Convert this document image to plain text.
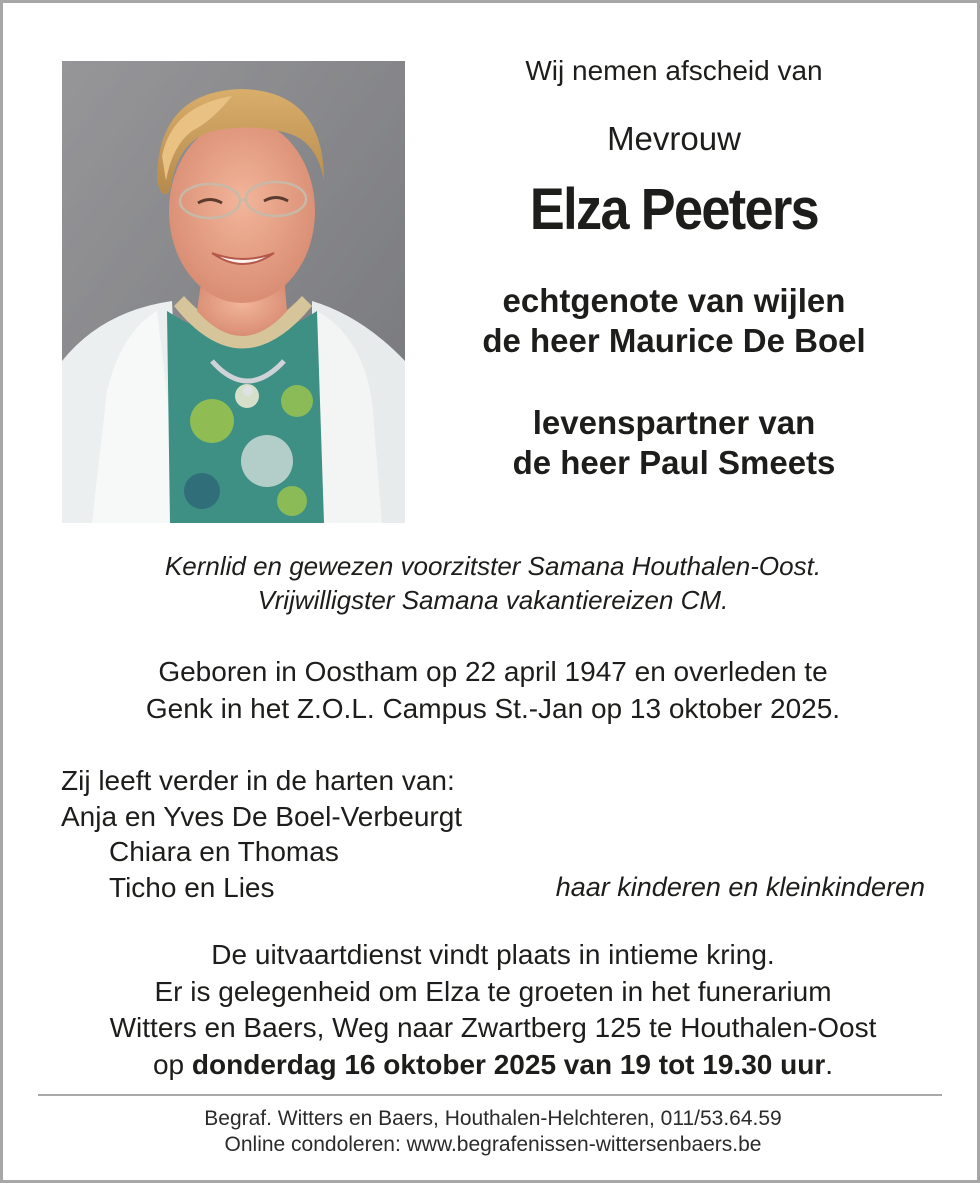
Wij nemen afscheid van
Mevrouw
Elza Peeters
echtgenote van wijlen
de heer Maurice De Boel
levenspartner van
de heer Paul Smeets
Kernlid en gewezen voorzitster Samana Houthalen-Oost.
Vrijwilligster Samana vakantiereizen CM.
Geboren in Oostham op 22 april 1947 en overleden te
Genk in het Z.O.L. Campus St.-Jan op 13 oktober 2025.
Zij leeft verder in de harten van:
Anja en Yves De Boel-Verbeurgt
Chiara en Thomas
Ticho en Lies	haar kinderen en kleinkinderen
De uitvaartdienst vindt plaats in intieme kring.
Er is gelegenheid om Elza te groeten in het funerarium
Witters en Baers, Weg naar Zwartberg 125 te Houthalen-Oost
op donderdag 16 oktober 2025 van 19 tot 19.30 uur.
Begraf. Witters en Baers, Houthalen-Helchteren, 011/53.64.59
Online condoleren: www.begrafenissen-wittersenbaers.be
